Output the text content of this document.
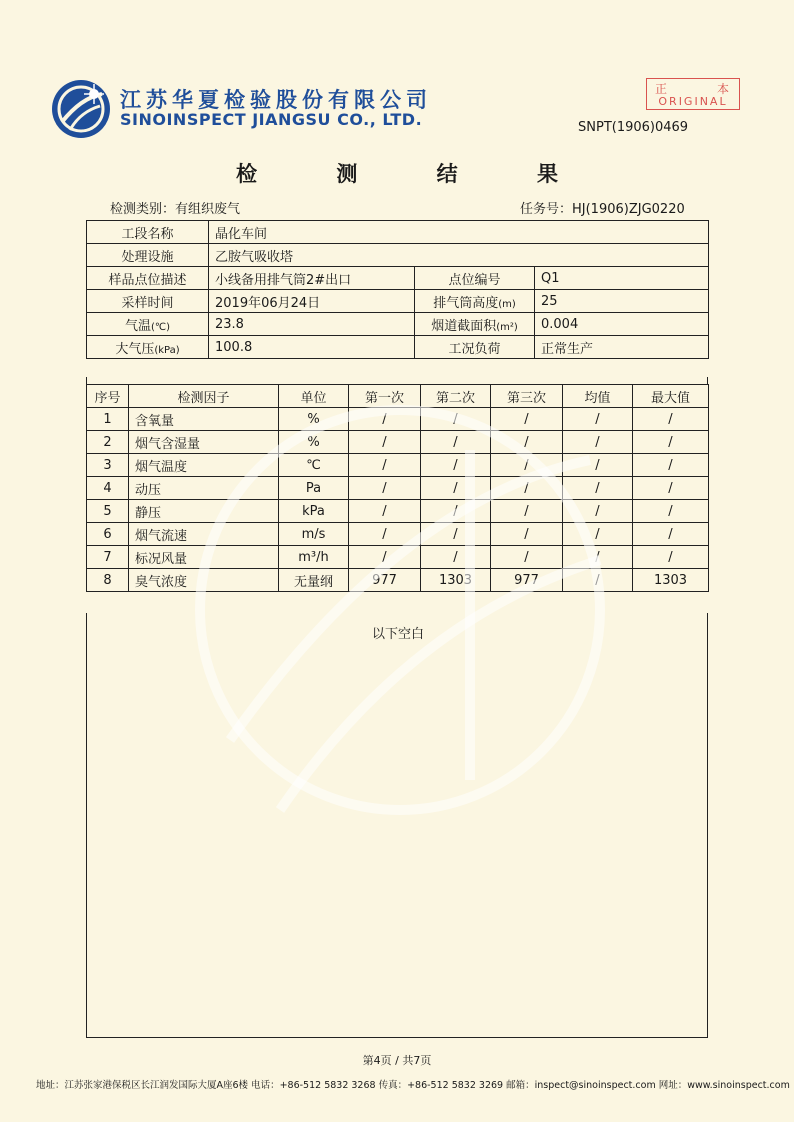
江苏华夏检验股份有限公司
SINOINSPECT JIANGSU CO., LTD.
正	本
ORIGINAL
SNPT(1906)0469
检 测 结 果
检测类别：有组织废气	任务号：HJ(1906)ZJG0220
工段名称	晶化车间		
处理设施	乙胺气吸收塔		
样品点位描述	小线备用排气筒2#出口	点位编号	Q1
采样时间	2019年06月24日	排气筒高度(m)	25
气温(℃)	23.8	烟道截面积(m²)	0.004
大气压(kPa)	100.8	工况负荷	正常生产
序号	检测因子	单位	第一次	第二次	第三次	均值	最大值
1	含氧量	%	/	/	/	/	/
2	烟气含湿量	%	/	/	/	/	/
3	烟气温度	℃	/	/	/	/	/
4	动压	Pa	/	/	/	/	/
5	静压	kPa	/	/	/	/	/
6	烟气流速	m/s	/	/	/	/	/
7	标况风量	m³/h	/	/	/	/	/
8	臭气浓度	无量纲	977	1303	977	/	1303
以下空白
第4页 / 共7页
地址：江苏张家港保税区长江润发国际大厦A座6楼 电话：+86-512 5832 3268 传真：+86-512 5832 3269 邮箱：inspect@sinoinspect.com 网址：www.sinoinspect.com
